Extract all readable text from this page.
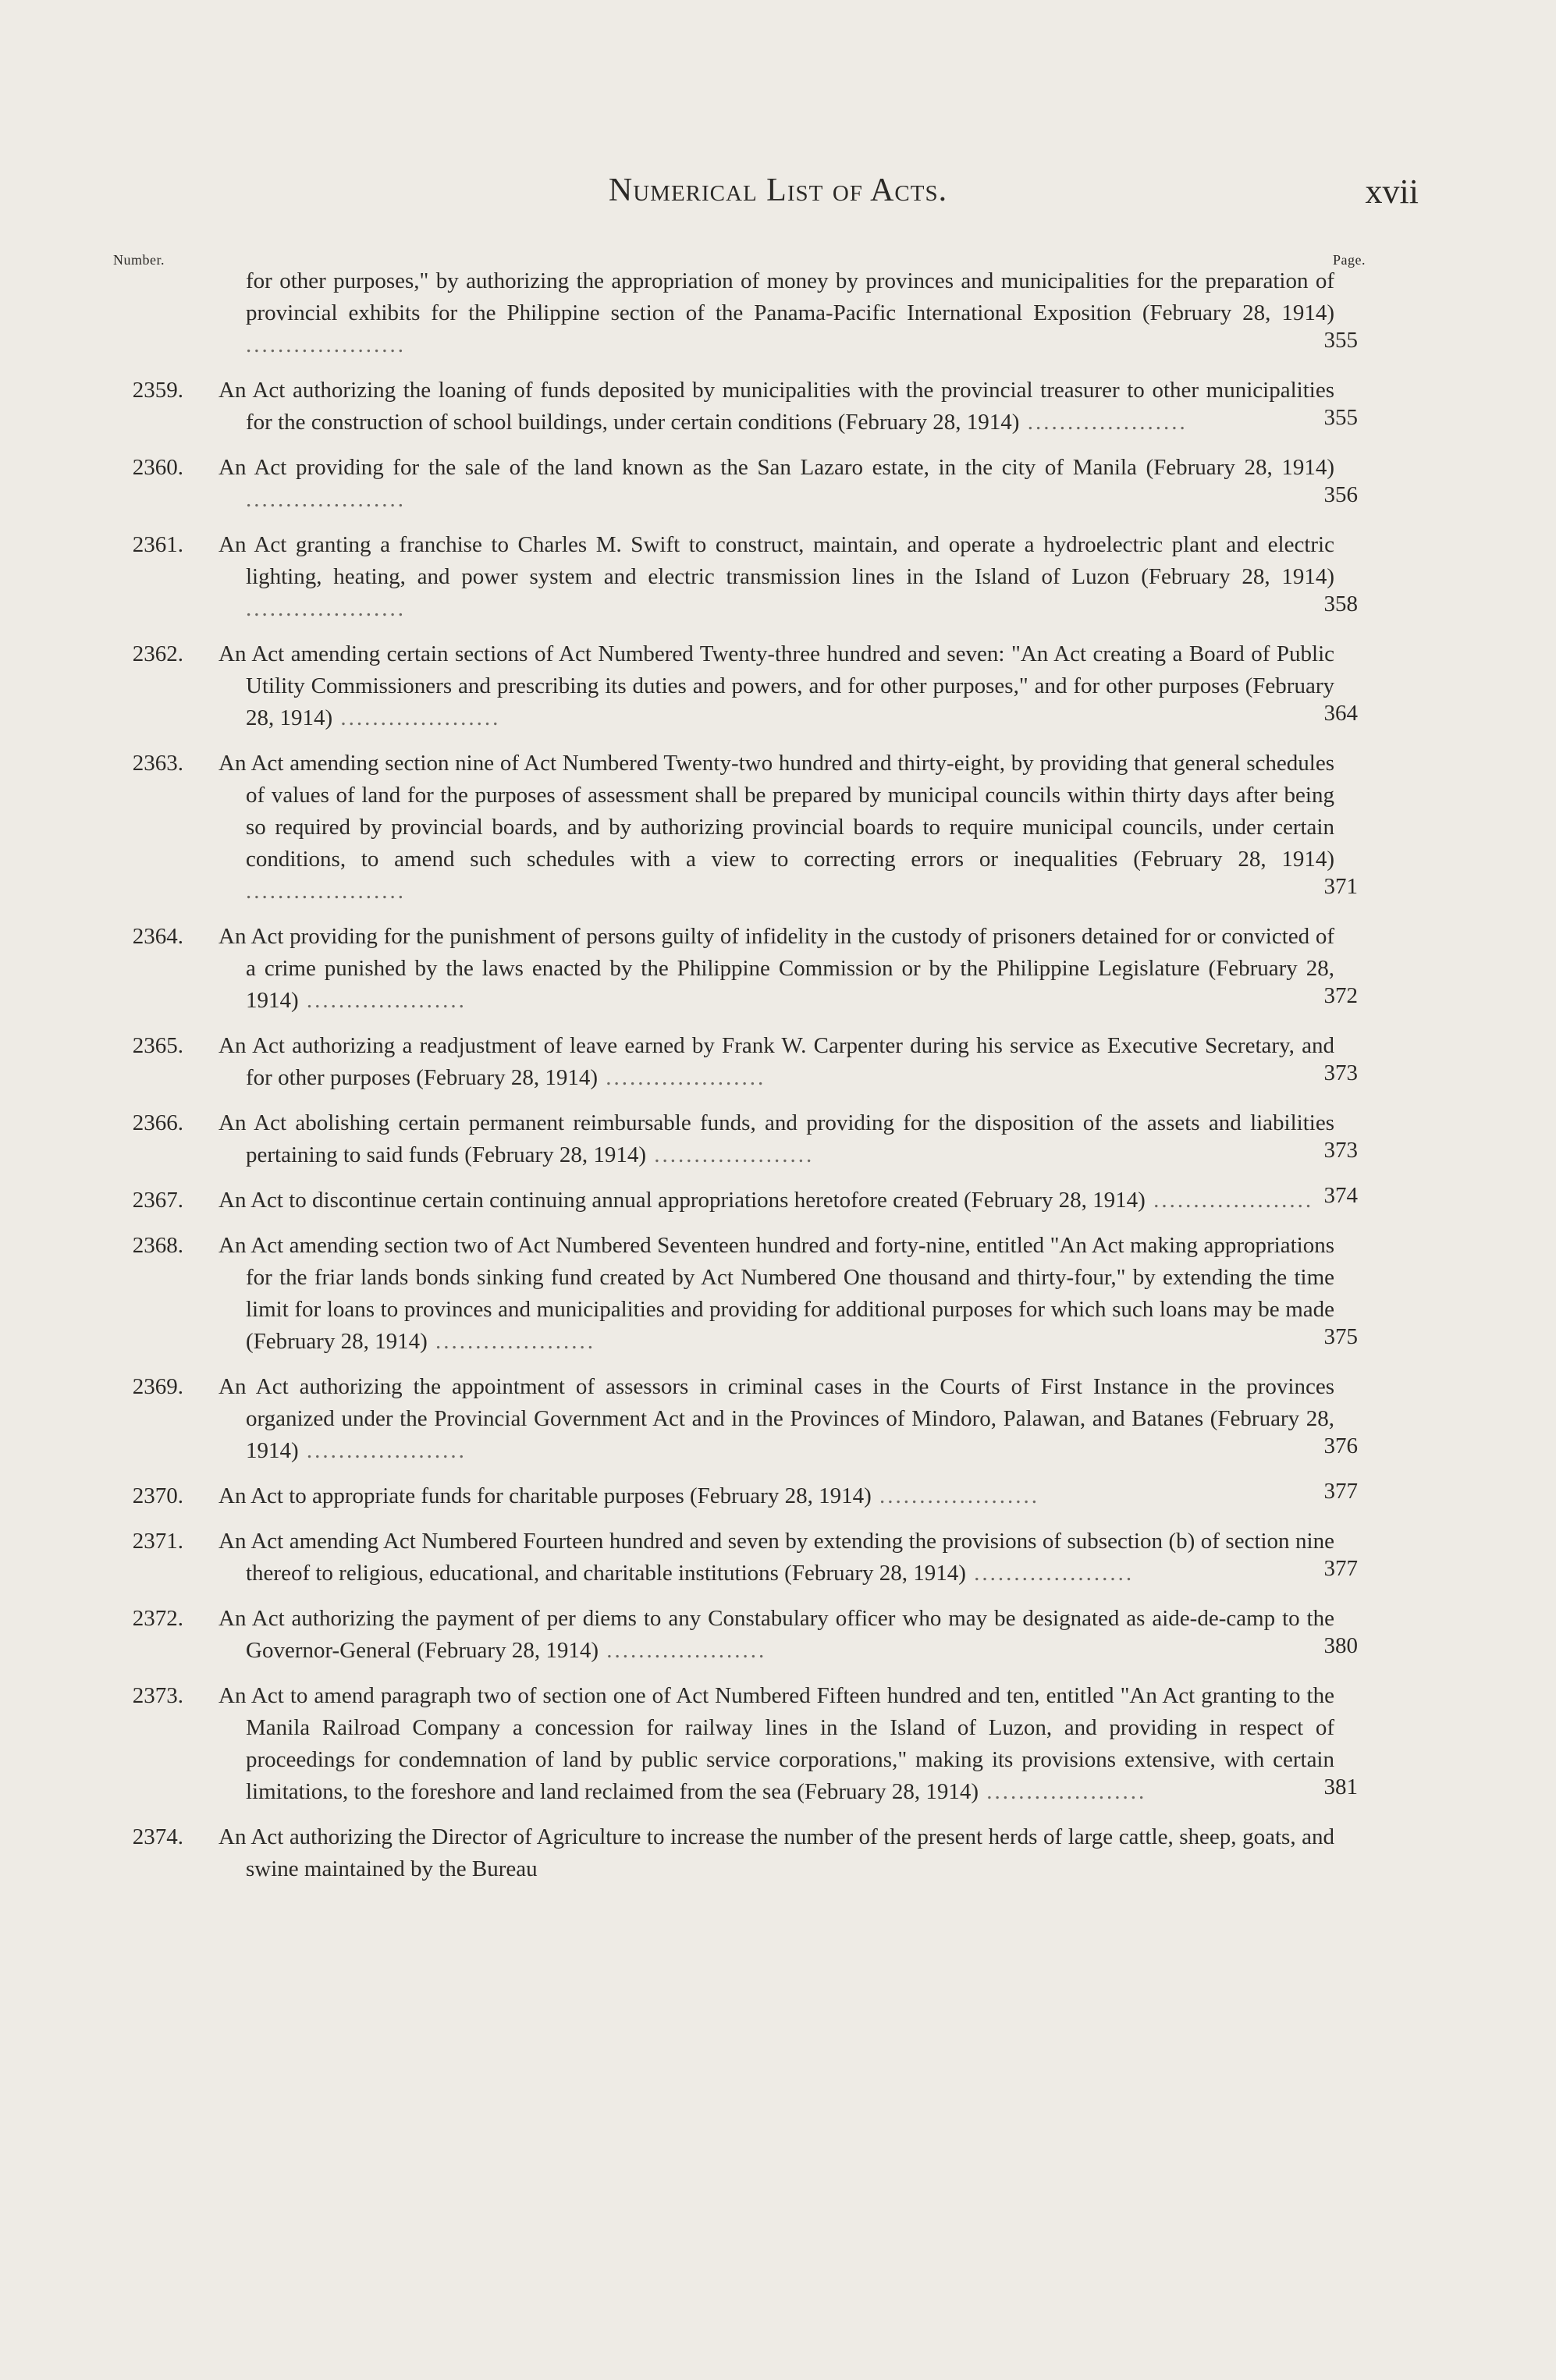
Numerical List of Acts.	xvii
Number.	Page.
for other purposes," by authorizing the appropriation of money by provinces and municipalities for the preparation of provincial exhibits for the Philippine section of the Panama-Pacific International Exposition (February 28, 1914) ....................	355
2359. An Act authorizing the loaning of funds deposited by municipalities with the provincial treasurer to other municipalities for the construction of school buildings, under certain conditions (February 28, 1914) ....................	355
2360. An Act providing for the sale of the land known as the San Lazaro estate, in the city of Manila (February 28, 1914) ....................	356
2361. An Act granting a franchise to Charles M. Swift to construct, maintain, and operate a hydroelectric plant and electric lighting, heating, and power system and electric transmission lines in the Island of Luzon (February 28, 1914) ....................	358
2362. An Act amending certain sections of Act Numbered Twenty-three hundred and seven: "An Act creating a Board of Public Utility Commissioners and prescribing its duties and powers, and for other purposes," and for other purposes (February 28, 1914) ....................	364
2363. An Act amending section nine of Act Numbered Twenty-two hundred and thirty-eight, by providing that general schedules of values of land for the purposes of assessment shall be prepared by municipal councils within thirty days after being so required by provincial boards, and by authorizing provincial boards to require municipal councils, under certain conditions, to amend such schedules with a view to correcting errors or inequalities (February 28, 1914) ....................	371
2364. An Act providing for the punishment of persons guilty of infidelity in the custody of prisoners detained for or convicted of a crime punished by the laws enacted by the Philippine Commission or by the Philippine Legislature (February 28, 1914) ....................	372
2365. An Act authorizing a readjustment of leave earned by Frank W. Carpenter during his service as Executive Secretary, and for other purposes (February 28, 1914) ....................	373
2366. An Act abolishing certain permanent reimbursable funds, and providing for the disposition of the assets and liabilities pertaining to said funds (February 28, 1914) ....................	373
2367. An Act to discontinue certain continuing annual appropriations heretofore created (February 28, 1914) .................... 374
2368. An Act amending section two of Act Numbered Seventeen hundred and forty-nine, entitled "An Act making appropriations for the friar lands bonds sinking fund created by Act Numbered One thousand and thirty-four," by extending the time limit for loans to provinces and municipalities and providing for additional purposes for which such loans may be made (February 28, 1914) ....................	375
2369. An Act authorizing the appointment of assessors in criminal cases in the Courts of First Instance in the provinces organized under the Provincial Government Act and in the Provinces of Mindoro, Palawan, and Batanes (February 28, 1914) ....................	376
2370. An Act to appropriate funds for charitable purposes (February 28, 1914) ....................	377
2371. An Act amending Act Numbered Fourteen hundred and seven by extending the provisions of subsection (b) of section nine thereof to religious, educational, and charitable institutions (February 28, 1914) ....................	377
2372. An Act authorizing the payment of per diems to any Constabulary officer who may be designated as aide-de-camp to the Governor-General (February 28, 1914) ....................	380
2373. An Act to amend paragraph two of section one of Act Numbered Fifteen hundred and ten, entitled "An Act granting to the Manila Railroad Company a concession for railway lines in the Island of Luzon, and providing in respect of proceedings for condemnation of land by public service corporations," making its provisions extensive, with certain limitations, to the foreshore and land reclaimed from the sea (February 28, 1914) ....................	381
2374. An Act authorizing the Director of Agriculture to increase the number of the present herds of large cattle, sheep, goats, and swine maintained by the Bureau
